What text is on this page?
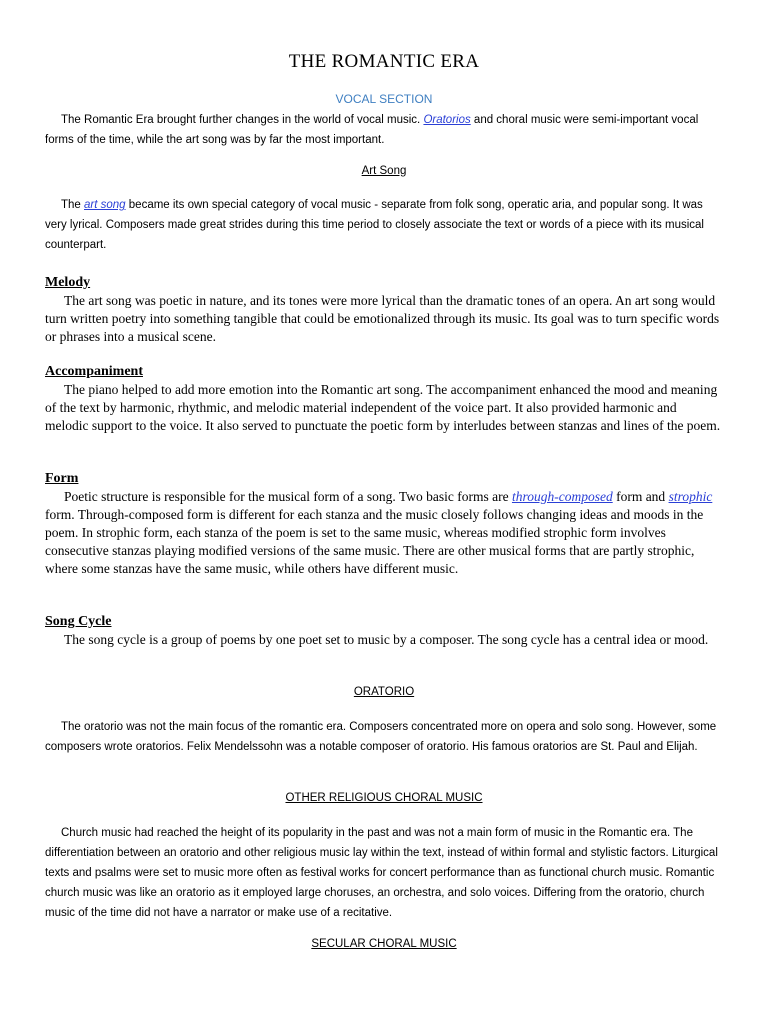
THE ROMANTIC ERA
VOCAL SECTION

The Romantic Era brought further changes in the world of vocal music. Oratorios and choral music were semi-important vocal forms of the time, while the art song was by far the most important.

Art Song

The art song became its own special category of vocal music - separate from folk song, operatic aria, and popular song. It was very lyrical. Composers made great strides during this time period to closely associate the text or words of a piece with its musical counterpart.

Melody

The art song was poetic in nature, and its tones were more lyrical than the dramatic tones of an opera. An art song would turn written poetry into something tangible that could be emotionalized through its music. Its goal was to turn specific words or phrases into a musical scene.

Accompaniment

The piano helped to add more emotion into the Romantic art song. The accompaniment enhanced the mood and meaning of the text by harmonic, rhythmic, and melodic material independent of the voice part. It also provided harmonic and melodic support to the voice. It also served to punctuate the poetic form by interludes between stanzas and lines of the poem.

Form

Poetic structure is responsible for the musical form of a song. Two basic forms are through-composed form and strophic form. Through-composed form is different for each stanza and the music closely follows changing ideas and moods in the poem. In strophic form, each stanza of the poem is set to the same music, whereas modified strophic form involves consecutive stanzas playing modified versions of the same music. There are other musical forms that are partly strophic, where some stanzas have the same music, while others have different music.

Song Cycle

The song cycle is a group of poems by one poet set to music by a composer. The song cycle has a central idea or mood.

ORATORIO

The oratorio was not the main focus of the romantic era. Composers concentrated more on opera and solo song. However, some composers wrote oratorios. Felix Mendelssohn was a notable composer of oratorio. His famous oratorios are St. Paul and Elijah.

OTHER RELIGIOUS CHORAL MUSIC

Church music had reached the height of its popularity in the past and was not a main form of music in the Romantic era. The differentiation between an oratorio and other religious music lay within the text, instead of within formal and stylistic factors. Liturgical texts and psalms were set to music more often as festival works for concert performance than as functional church music. Romantic church music was like an oratorio as it employed large choruses, an orchestra, and solo voices. Differing from the oratorio, church music of the time did not have a narrator or make use of a recitative.

SECULAR CHORAL MUSIC
